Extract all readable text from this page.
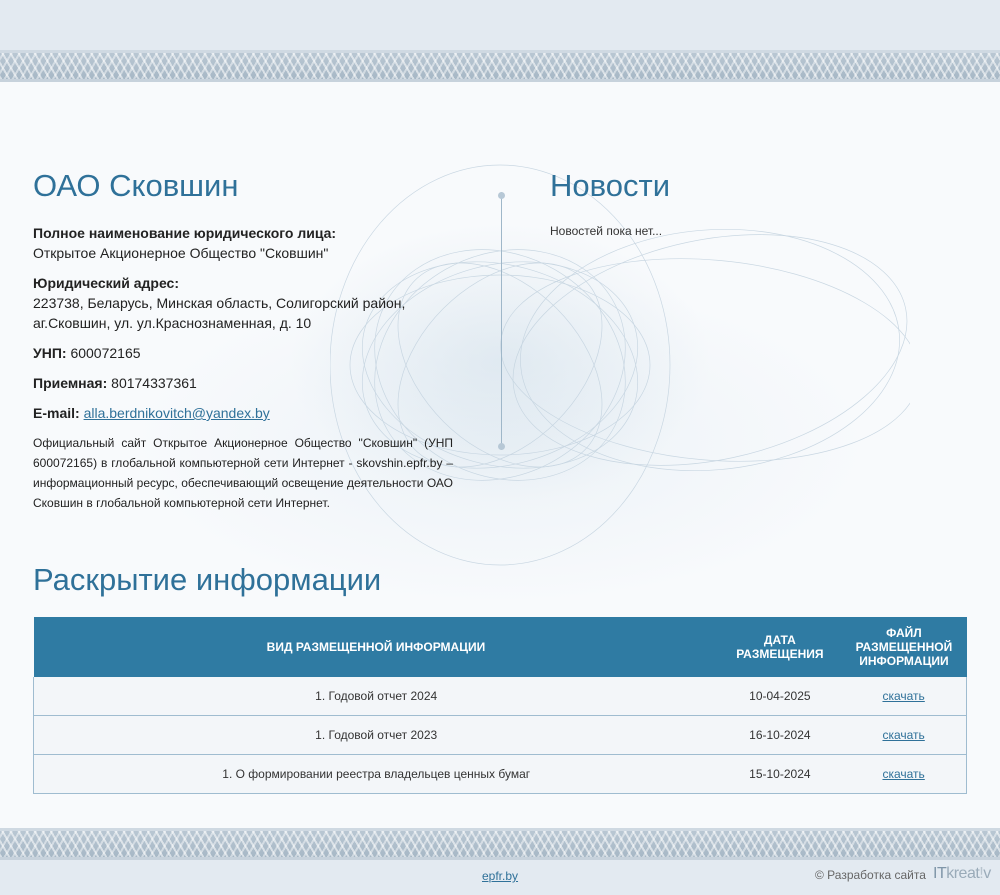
ОАО Сковшин	Новости

Полное наименование юридического лица:
Открытое Акционерное Общество "Сковшин"

Юридический адрес:
223738, Беларусь, Минская область, Солигорский район,
аг.Сковшин, ул. ул.Краснознаменная, д. 10

УНП: 600072165

Приемная: 80174337361

E-mail: alla.berdnikovitch@yandex.by

Официальный сайт Открытое Акционерное Общество "Сковшин" (УНП 600072165) в глобальной компьютерной сети Интернет - skovshin.epfr.by – информационный ресурс, обеспечивающий освещение деятельности ОАО Сковшин в глобальной компьютерной сети Интернет.
Новостей пока нет...
Раскрытие информации
ВИД РАЗМЕЩЕННОЙ ИНФОРМАЦИИ	ДАТА РАЗМЕЩЕНИЯ	ФАЙЛ РАЗМЕЩЕННОЙ ИНФОРМАЦИИ
1. Годовой отчет 2024	10-04-2025	скачать
1. Годовой отчет 2023	16-10-2024	скачать
1. О формировании реестра владельцев ценных бумаг	15-10-2024	скачать
epfr.by	© Разработка сайта ITkreat!v
